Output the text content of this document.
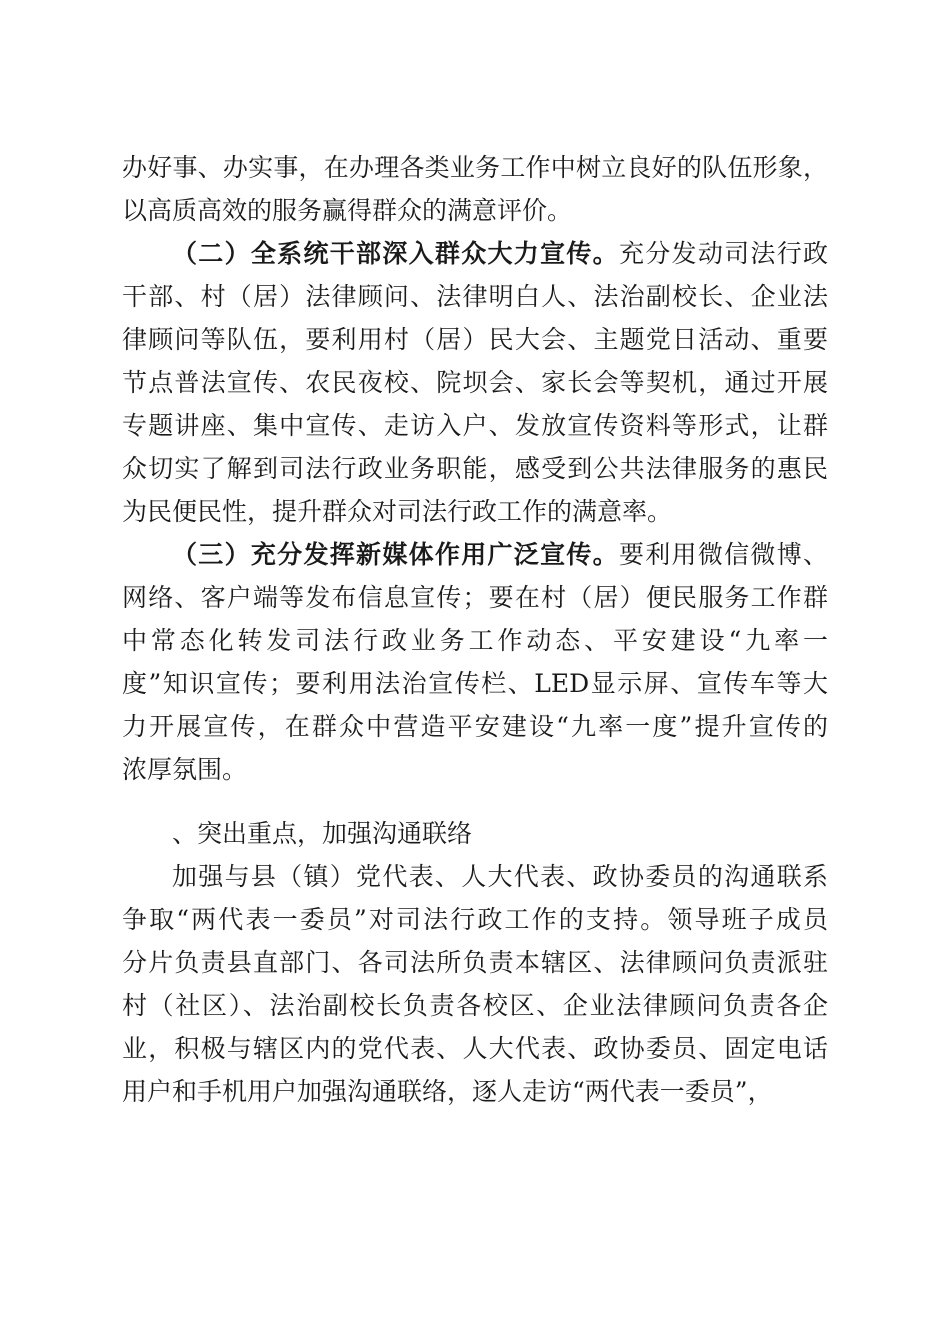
办好事、办实事，在办理各类业务工作中树立良好的队伍形象，
以高质高效的服务赢得群众的满意评价。
（二）全系统干部深入群众大力宣传。充分发动司法行政
干部、村（居）法律顾问、法律明白人、法治副校长、企业法
律顾问等队伍，要利用村（居）民大会、主题党日活动、重要
节点普法宣传、农民夜校、院坝会、家长会等契机，通过开展
专题讲座、集中宣传、走访入户、发放宣传资料等形式，让群
众切实了解到司法行政业务职能，感受到公共法律服务的惠民
为民便民性，提升群众对司法行政工作的满意率。
（三）充分发挥新媒体作用广泛宣传。要利用微信微博、
网络、客户端等发布信息宣传；要在村（居）便民服务工作群
中常态化转发司法行政业务工作动态、平安建设“九率一
度”知识宣传；要利用法治宣传栏、LED显示屏、宣传车等大
力开展宣传，在群众中营造平安建设“九率一度”提升宣传的
浓厚氛围。
、突出重点，加强沟通联络
加强与县（镇）党代表、人大代表、政协委员的沟通联系
争取“两代表一委员”对司法行政工作的支持。领导班子成员
分片负责县直部门、各司法所负责本辖区、法律顾问负责派驻
村（社区）、法治副校长负责各校区、企业法律顾问负责各企
业，积极与辖区内的党代表、人大代表、政协委员、固定电话
用户和手机用户加强沟通联络，逐人走访“两代表一委员”，
